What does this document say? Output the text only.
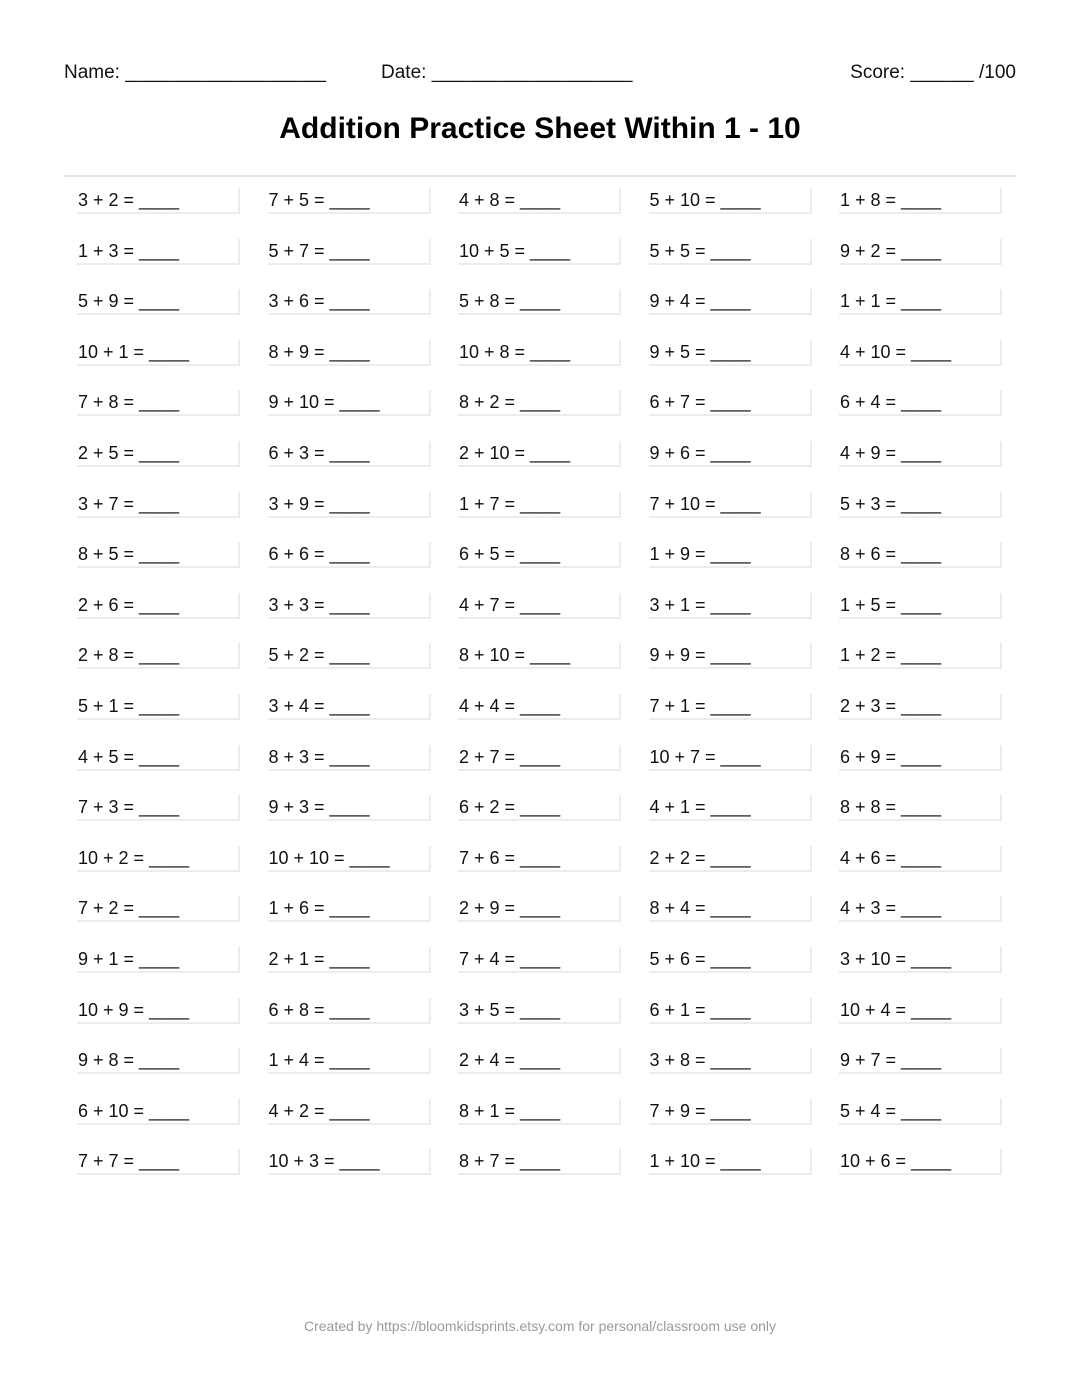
Name: ___________________	Date: ___________________	Score: ______ /100
Addition Practice Sheet Within 1 - 10
3 + 2 = ____	7 + 5 = ____	4 + 8 = ____	5 + 10 = ____	1 + 8 = ____
1 + 3 = ____	5 + 7 = ____	10 + 5 = ____	5 + 5 = ____	9 + 2 = ____
5 + 9 = ____	3 + 6 = ____	5 + 8 = ____	9 + 4 = ____	1 + 1 = ____
10 + 1 = ____	8 + 9 = ____	10 + 8 = ____	9 + 5 = ____	4 + 10 = ____
7 + 8 = ____	9 + 10 = ____	8 + 2 = ____	6 + 7 = ____	6 + 4 = ____
2 + 5 = ____	6 + 3 = ____	2 + 10 = ____	9 + 6 = ____	4 + 9 = ____
3 + 7 = ____	3 + 9 = ____	1 + 7 = ____	7 + 10 = ____	5 + 3 = ____
8 + 5 = ____	6 + 6 = ____	6 + 5 = ____	1 + 9 = ____	8 + 6 = ____
2 + 6 = ____	3 + 3 = ____	4 + 7 = ____	3 + 1 = ____	1 + 5 = ____
2 + 8 = ____	5 + 2 = ____	8 + 10 = ____	9 + 9 = ____	1 + 2 = ____
5 + 1 = ____	3 + 4 = ____	4 + 4 = ____	7 + 1 = ____	2 + 3 = ____
4 + 5 = ____	8 + 3 = ____	2 + 7 = ____	10 + 7 = ____	6 + 9 = ____
7 + 3 = ____	9 + 3 = ____	6 + 2 = ____	4 + 1 = ____	8 + 8 = ____
10 + 2 = ____	10 + 10 = ____	7 + 6 = ____	2 + 2 = ____	4 + 6 = ____
7 + 2 = ____	1 + 6 = ____	2 + 9 = ____	8 + 4 = ____	4 + 3 = ____
9 + 1 = ____	2 + 1 = ____	7 + 4 = ____	5 + 6 = ____	3 + 10 = ____
10 + 9 = ____	6 + 8 = ____	3 + 5 = ____	6 + 1 = ____	10 + 4 = ____
9 + 8 = ____	1 + 4 = ____	2 + 4 = ____	3 + 8 = ____	9 + 7 = ____
6 + 10 = ____	4 + 2 = ____	8 + 1 = ____	7 + 9 = ____	5 + 4 = ____
7 + 7 = ____	10 + 3 = ____	8 + 7 = ____	1 + 10 = ____	10 + 6 = ____
Created by https://bloomkidsprints.etsy.com for personal/classroom use only
